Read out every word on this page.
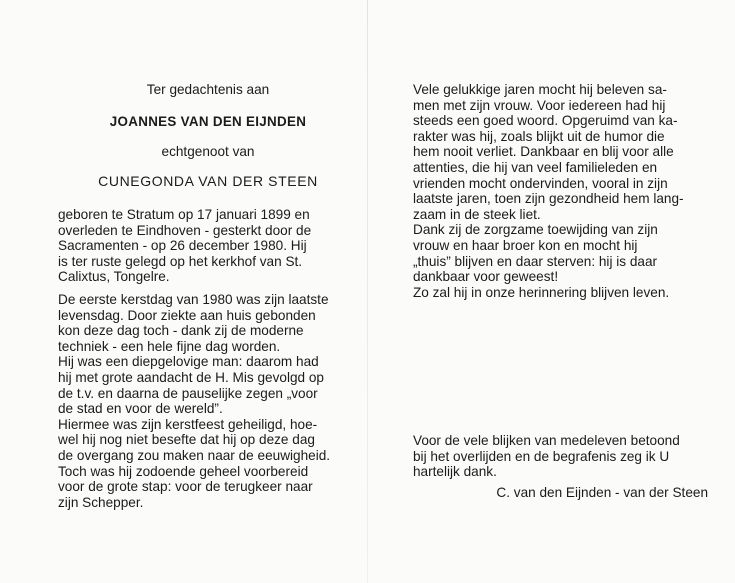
Ter gedachtenis aan
JOANNES VAN DEN EIJNDEN
echtgenoot van
CUNEGONDA VAN DER STEEN
geboren te Stratum op 17 januari 1899 en
overleden te Eindhoven - gesterkt door de
Sacramenten - op 26 december 1980. Hij
is ter ruste gelegd op het kerkhof van St.
Calixtus, Tongelre.
De eerste kerstdag van 1980 was zijn laatste
levensdag. Door ziekte aan huis gebonden
kon deze dag toch - dank zij de moderne
techniek - een hele fijne dag worden.
Hij was een diepgelovige man: daarom had
hij met grote aandacht de H. Mis gevolgd op
de t.v. en daarna de pauselijke zegen „voor
de stad en voor de wereld”.
Hiermee was zijn kerstfeest geheiligd, hoe-
wel hij nog niet besefte dat hij op deze dag
de overgang zou maken naar de eeuwigheid.
Toch was hij zodoende geheel voorbereid
voor de grote stap: voor de terugkeer naar
zijn Schepper.
Vele gelukkige jaren mocht hij beleven sa-
men met zijn vrouw. Voor iedereen had hij
steeds een goed woord. Opgeruimd van ka-
rakter was hij, zoals blijkt uit de humor die
hem nooit verliet. Dankbaar en blij voor alle
attenties, die hij van veel familieleden en
vrienden mocht ondervinden, vooral in zijn
laatste jaren, toen zijn gezondheid hem lang-
zaam in de steek liet.
Dank zij de zorgzame toewijding van zijn
vrouw en haar broer kon en mocht hij
„thuis” blijven en daar sterven: hij is daar
dankbaar voor geweest!
Zo zal hij in onze herinnering blijven leven.
Voor de vele blijken van medeleven betoond
bij het overlijden en de begrafenis zeg ik U
hartelijk dank.
C. van den Eijnden - van der Steen
